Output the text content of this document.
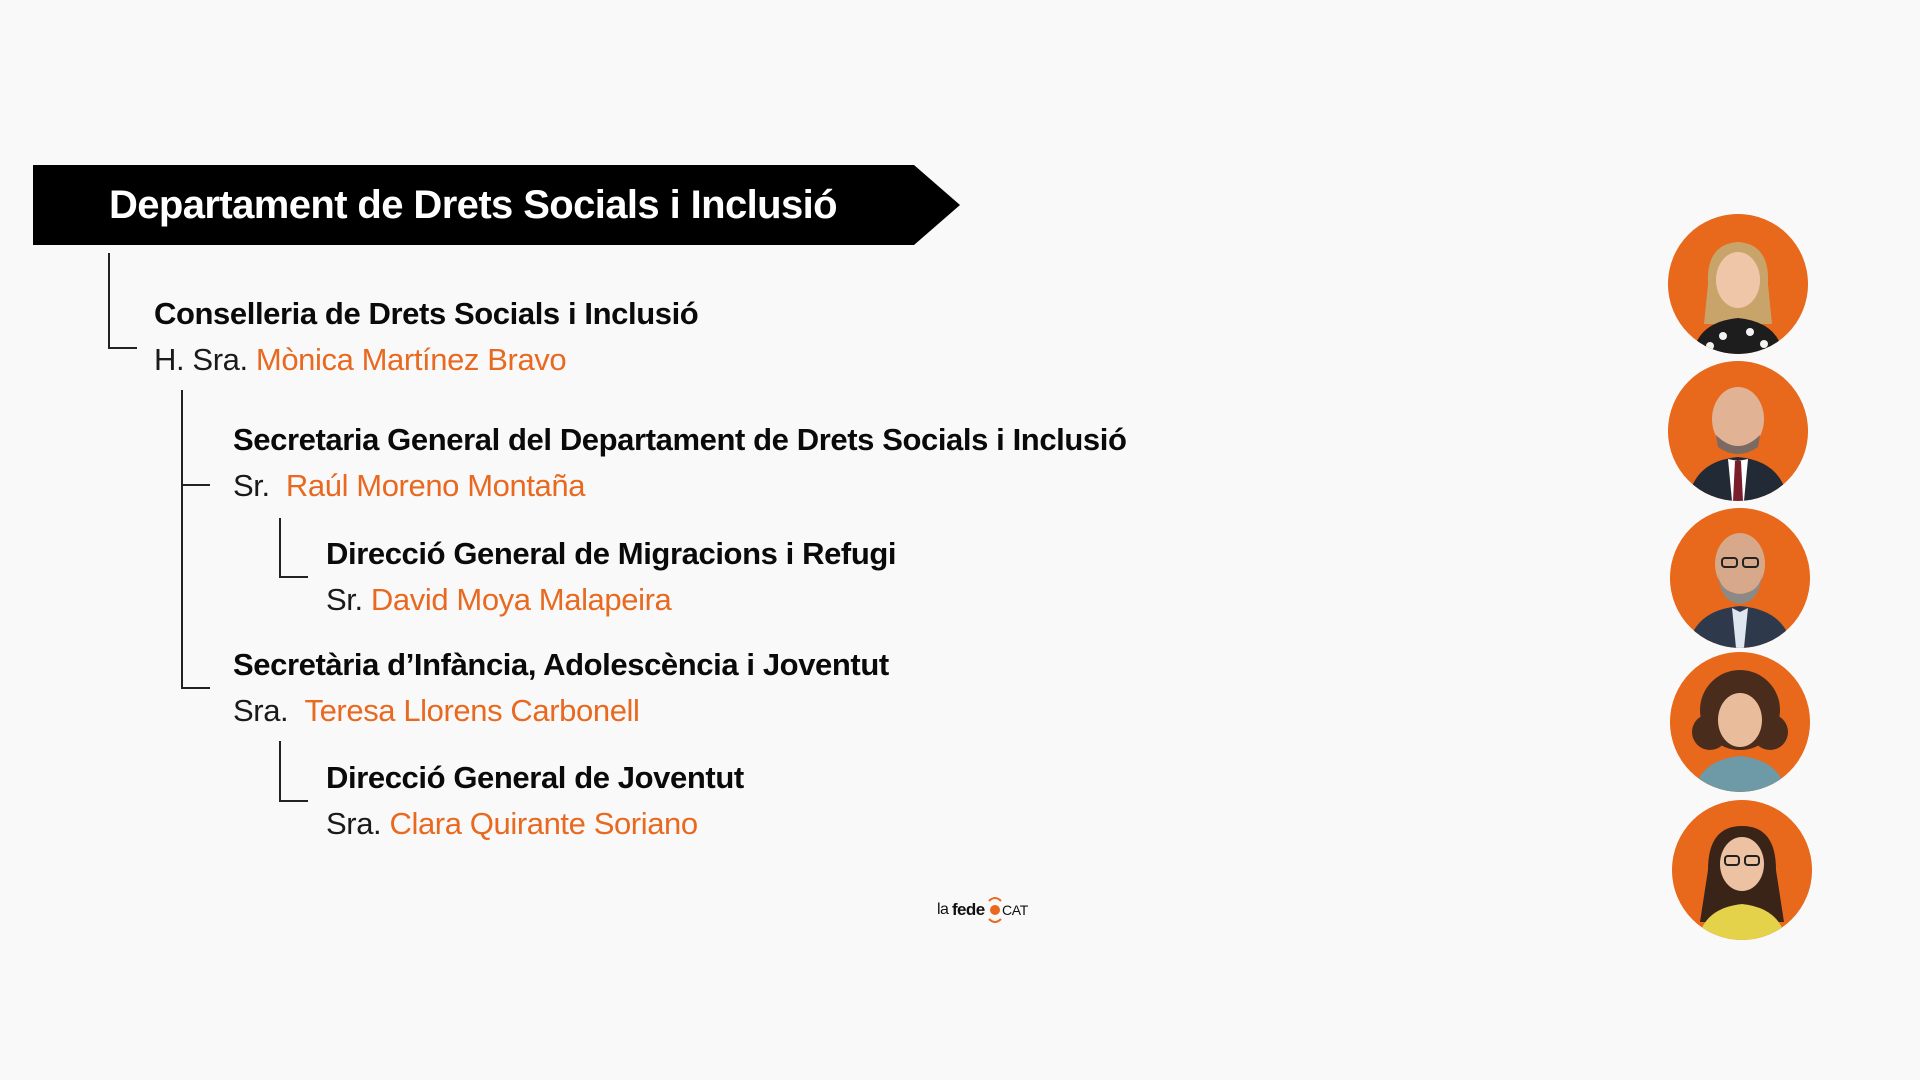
Departament de Drets Socials i Inclusió
Conselleria de Drets Socials i Inclusió
H. Sra. Mònica Martínez Bravo
Secretaria General del Departament de Drets Socials i Inclusió
Sr. Raúl Moreno Montaña
Direcció General de Migracions i Refugi
Sr. David Moya Malapeira
Secretària d’Infància, Adolescència i Joventut
Sra. Teresa Llorens Carbonell
Direcció General de Joventut
Sra. Clara Quirante Soriano
la fede CAT
